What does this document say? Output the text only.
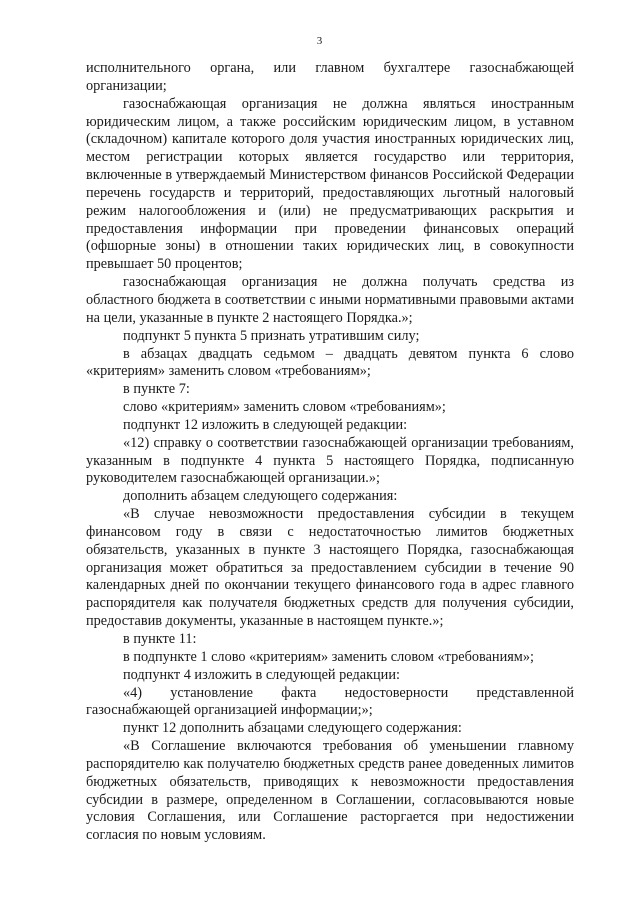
3

исполнительного органа, или главном бухгалтере газоснабжающей организации;

газоснабжающая организация не должна являться иностранным юридическим лицом, а также российским юридическим лицом, в уставном (складочном) капитале которого доля участия иностранных юридических лиц, местом регистрации которых является государство или территория, включенные в утверждаемый Министерством финансов Российской Федерации перечень государств и территорий, предоставляющих льготный налоговый режим налогообложения и (или) не предусматривающих раскрытия и предоставления информации при проведении финансовых операций (офшорные зоны) в отношении таких юридических лиц, в совокупности превышает 50 процентов;

газоснабжающая организация не должна получать средства из областного бюджета в соответствии с иными нормативными правовыми актами на цели, указанные в пункте 2 настоящего Порядка.»;

подпункт 5 пункта 5 признать утратившим силу;

в абзацах двадцать седьмом – двадцать девятом пункта 6 слово «критериям» заменить словом «требованиям»;

в пункте 7:

слово «критериям» заменить словом «требованиям»;

подпункт 12 изложить в следующей редакции:

«12) справку о соответствии газоснабжающей организации требованиям, указанным в подпункте 4 пункта 5 настоящего Порядка, подписанную руководителем газоснабжающей организации.»;

дополнить абзацем следующего содержания:

«В случае невозможности предоставления субсидии в текущем финансовом году в связи с недостаточностью лимитов бюджетных обязательств, указанных в пункте 3 настоящего Порядка, газоснабжающая организация может обратиться за предоставлением субсидии в течение 90 календарных дней по окончании текущего финансового года в адрес главного распорядителя как получателя бюджетных средств для получения субсидии, предоставив документы, указанные в настоящем пункте.»;

в пункте 11:

в подпункте 1 слово «критериям» заменить словом «требованиям»;

подпункт 4 изложить в следующей редакции:

«4) установление факта недостоверности представленной газоснабжающей организацией информации;»;

пункт 12 дополнить абзацами следующего содержания:

«В Соглашение включаются требования об уменьшении главному распорядителю как получателю бюджетных средств ранее доведенных лимитов бюджетных обязательств, приводящих к невозможности предоставления субсидии в размере, определенном в Соглашении, согласовываются новые условия Соглашения, или Соглашение расторгается при недостижении согласия по новым условиям.
